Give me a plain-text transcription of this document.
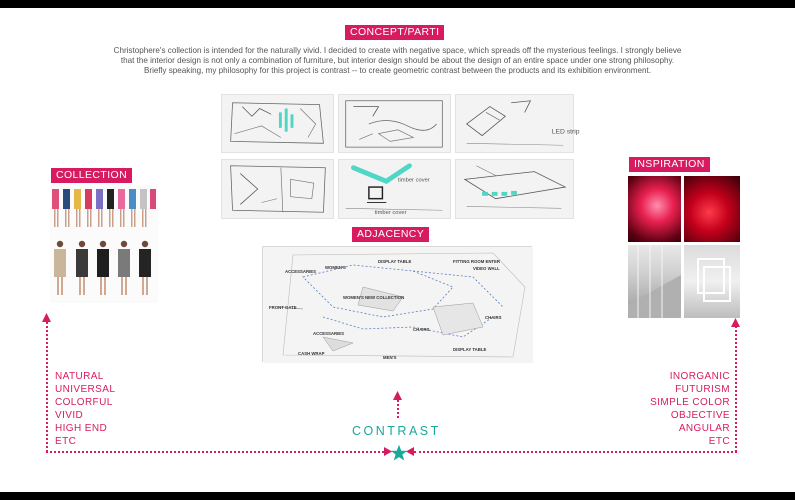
CONCEPT/PARTI

Christophere's collection is intended for the naturally vivid. I decided to create with negative space, which spreads off the mysterious feelings. I strongly believe

that the interior design is not only a combination of furniture, but interior design should be about the design of an entire space under one strong philosophy.

Briefly speaking, my philosophy for this project is contrast -- to create geometric contrast between the products and its exhibition environment.

LED strip
timber cover
timber cover
COLLECTION
INSPIRATION
ADJACENCY
DISPLAY TABLE	FITTING ROOM ENTER
VIDEO WALL
ACCESSARIES
WOMEN'S
WOMEN'S NEW COLLECTION
FRONT GATE
CHAIRS
CHAIRS
ACCESSARIES
CASH WRAP
MEN'S
DISPLAY TABLE
NATURAL
UNIVERSAL
COLORFUL
VIVID
HIGH END
ETC
INORGANIC
FUTURISM
SIMPLE COLOR
OBJECTIVE
ANGULAR
ETC
CONTRAST
